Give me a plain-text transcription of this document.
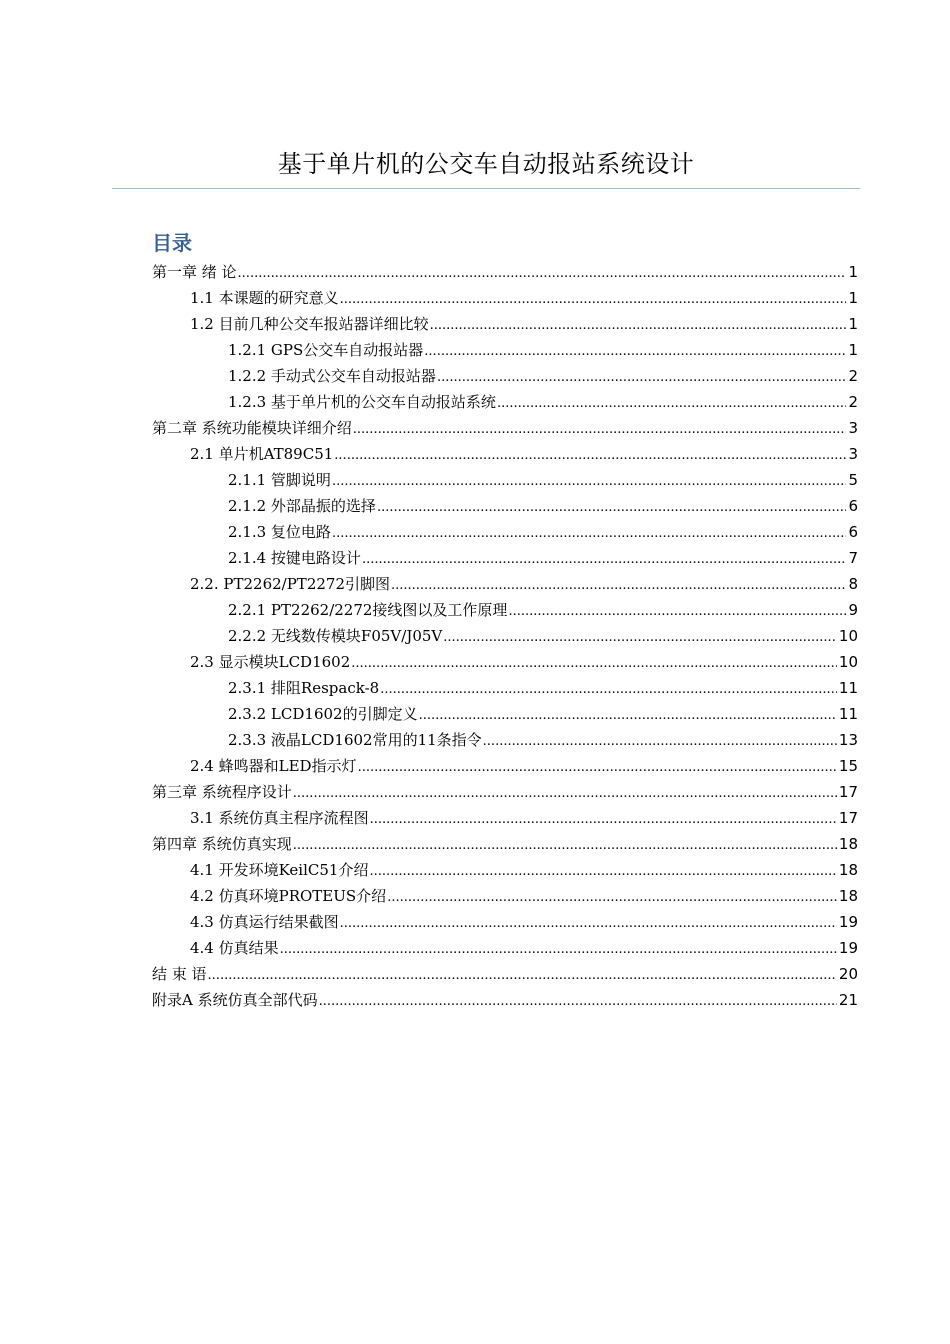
基于单片机的公交车自动报站系统设计
目录
第一章 绪 论 .....	1
1.1 本课题的研究意义 .....	1
1.2 目前几种公交车报站器详细比较 .....	1
1.2.1 GPS公交车自动报站器 .....	1
1.2.2 手动式公交车自动报站器 .....	2
1.2.3 基于单片机的公交车自动报站系统 .....	2
第二章 系统功能模块详细介绍 .....	3
2.1 单片机AT89C51 .....	3
2.1.1 管脚说明 .....	5
2.1.2 外部晶振的选择 .....	6
2.1.3 复位电路 .....	6
2.1.4 按键电路设计 .....	7
2.2. PT2262/PT2272引脚图 .....	8
2.2.1 PT2262/2272接线图以及工作原理 .....	9
2.2.2 无线数传模块F05V/J05V .....	10
2.3 显示模块LCD1602 .....	10
2.3.1 排阻Respack-8 .....	11
2.3.2 LCD1602的引脚定义 .....	11
2.3.3 液晶LCD1602常用的11条指令 .....	13
2.4 蜂鸣器和LED指示灯 .....	15
第三章 系统程序设计 .....	17
3.1 系统仿真主程序流程图 .....	17
第四章 系统仿真实现 .....	18
4.1 开发环境KeilC51介绍 .....	18
4.2 仿真环境PROTEUS介绍 .....	18
4.3 仿真运行结果截图 .....	19
4.4 仿真结果 .....	19
结 束 语 .....	20
附录A 系统仿真全部代码 .....	21
